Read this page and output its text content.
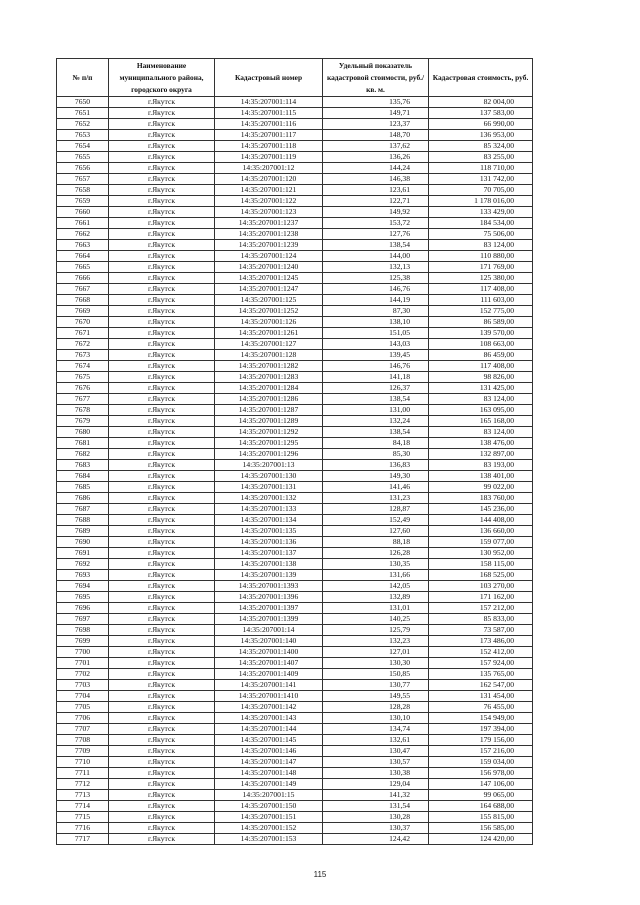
№ п/п	Наименование муниципального района, городского округа	Кадастровый номер	Удельный показатель кадастровой стоимости, руб./кв. м.	Кадастровая стоимость, руб.
7650	г.Якутск	14:35:207001:114	135,76	82 004,00
7651	г.Якутск	14:35:207001:115	149,71	137 583,00
7652	г.Якутск	14:35:207001:116	123,37	66 990,00
7653	г.Якутск	14:35:207001:117	148,70	136 953,00
7654	г.Якутск	14:35:207001:118	137,62	85 324,00
7655	г.Якутск	14:35:207001:119	136,26	83 255,00
7656	г.Якутск	14:35:207001:12	144,24	118 710,00
7657	г.Якутск	14:35:207001:120	146,38	131 742,00
7658	г.Якутск	14:35:207001:121	123,61	70 705,00
7659	г.Якутск	14:35:207001:122	122,71	1 178 016,00
7660	г.Якутск	14:35:207001:123	149,92	133 429,00
7661	г.Якутск	14:35:207001:1237	153,72	184 534,00
7662	г.Якутск	14:35:207001:1238	127,76	75 506,00
7663	г.Якутск	14:35:207001:1239	138,54	83 124,00
7664	г.Якутск	14:35:207001:124	144,00	110 880,00
7665	г.Якутск	14:35:207001:1240	132,13	171 769,00
7666	г.Якутск	14:35:207001:1245	125,38	125 380,00
7667	г.Якутск	14:35:207001:1247	146,76	117 408,00
7668	г.Якутск	14:35:207001:125	144,19	111 603,00
7669	г.Якутск	14:35:207001:1252	87,30	152 775,00
7670	г.Якутск	14:35:207001:126	138,10	86 589,00
7671	г.Якутск	14:35:207001:1261	151,05	139 570,00
7672	г.Якутск	14:35:207001:127	143,03	108 663,00
7673	г.Якутск	14:35:207001:128	139,45	86 459,00
7674	г.Якутск	14:35:207001:1282	146,76	117 408,00
7675	г.Якутск	14:35:207001:1283	141,18	98 826,00
7676	г.Якутск	14:35:207001:1284	126,37	131 425,00
7677	г.Якутск	14:35:207001:1286	138,54	83 124,00
7678	г.Якутск	14:35:207001:1287	131,00	163 095,00
7679	г.Якутск	14:35:207001:1289	132,24	165 168,00
7680	г.Якутск	14:35:207001:1292	138,54	83 124,00
7681	г.Якутск	14:35:207001:1295	84,18	138 476,00
7682	г.Якутск	14:35:207001:1296	85,30	132 897,00
7683	г.Якутск	14:35:207001:13	136,83	83 193,00
7684	г.Якутск	14:35:207001:130	149,30	138 401,00
7685	г.Якутск	14:35:207001:131	141,46	99 022,00
7686	г.Якутск	14:35:207001:132	131,23	183 760,00
7687	г.Якутск	14:35:207001:133	128,87	145 236,00
7688	г.Якутск	14:35:207001:134	152,49	144 408,00
7689	г.Якутск	14:35:207001:135	127,60	136 660,00
7690	г.Якутск	14:35:207001:136	88,18	159 077,00
7691	г.Якутск	14:35:207001:137	126,28	130 952,00
7692	г.Якутск	14:35:207001:138	130,35	158 115,00
7693	г.Якутск	14:35:207001:139	131,66	168 525,00
7694	г.Якутск	14:35:207001:1393	142,05	103 270,00
7695	г.Якутск	14:35:207001:1396	132,89	171 162,00
7696	г.Якутск	14:35:207001:1397	131,01	157 212,00
7697	г.Якутск	14:35:207001:1399	140,25	85 833,00
7698	г.Якутск	14:35:207001:14	125,79	73 587,00
7699	г.Якутск	14:35:207001:140	132,23	173 486,00
7700	г.Якутск	14:35:207001:1400	127,01	152 412,00
7701	г.Якутск	14:35:207001:1407	130,30	157 924,00
7702	г.Якутск	14:35:207001:1409	150,85	135 765,00
7703	г.Якутск	14:35:207001:141	130,77	162 547,00
7704	г.Якутск	14:35:207001:1410	149,55	131 454,00
7705	г.Якутск	14:35:207001:142	128,28	76 455,00
7706	г.Якутск	14:35:207001:143	130,10	154 949,00
7707	г.Якутск	14:35:207001:144	134,74	197 394,00
7708	г.Якутск	14:35:207001:145	132,61	179 156,00
7709	г.Якутск	14:35:207001:146	130,47	157 216,00
7710	г.Якутск	14:35:207001:147	130,57	159 034,00
7711	г.Якутск	14:35:207001:148	130,38	156 978,00
7712	г.Якутск	14:35:207001:149	129,04	147 106,00
7713	г.Якутск	14:35:207001:15	141,32	99 065,00
7714	г.Якутск	14:35:207001:150	131,54	164 688,00
7715	г.Якутск	14:35:207001:151	130,28	155 815,00
7716	г.Якутск	14:35:207001:152	130,37	156 585,00
7717	г.Якутск	14:35:207001:153	124,42	124 420,00
115
